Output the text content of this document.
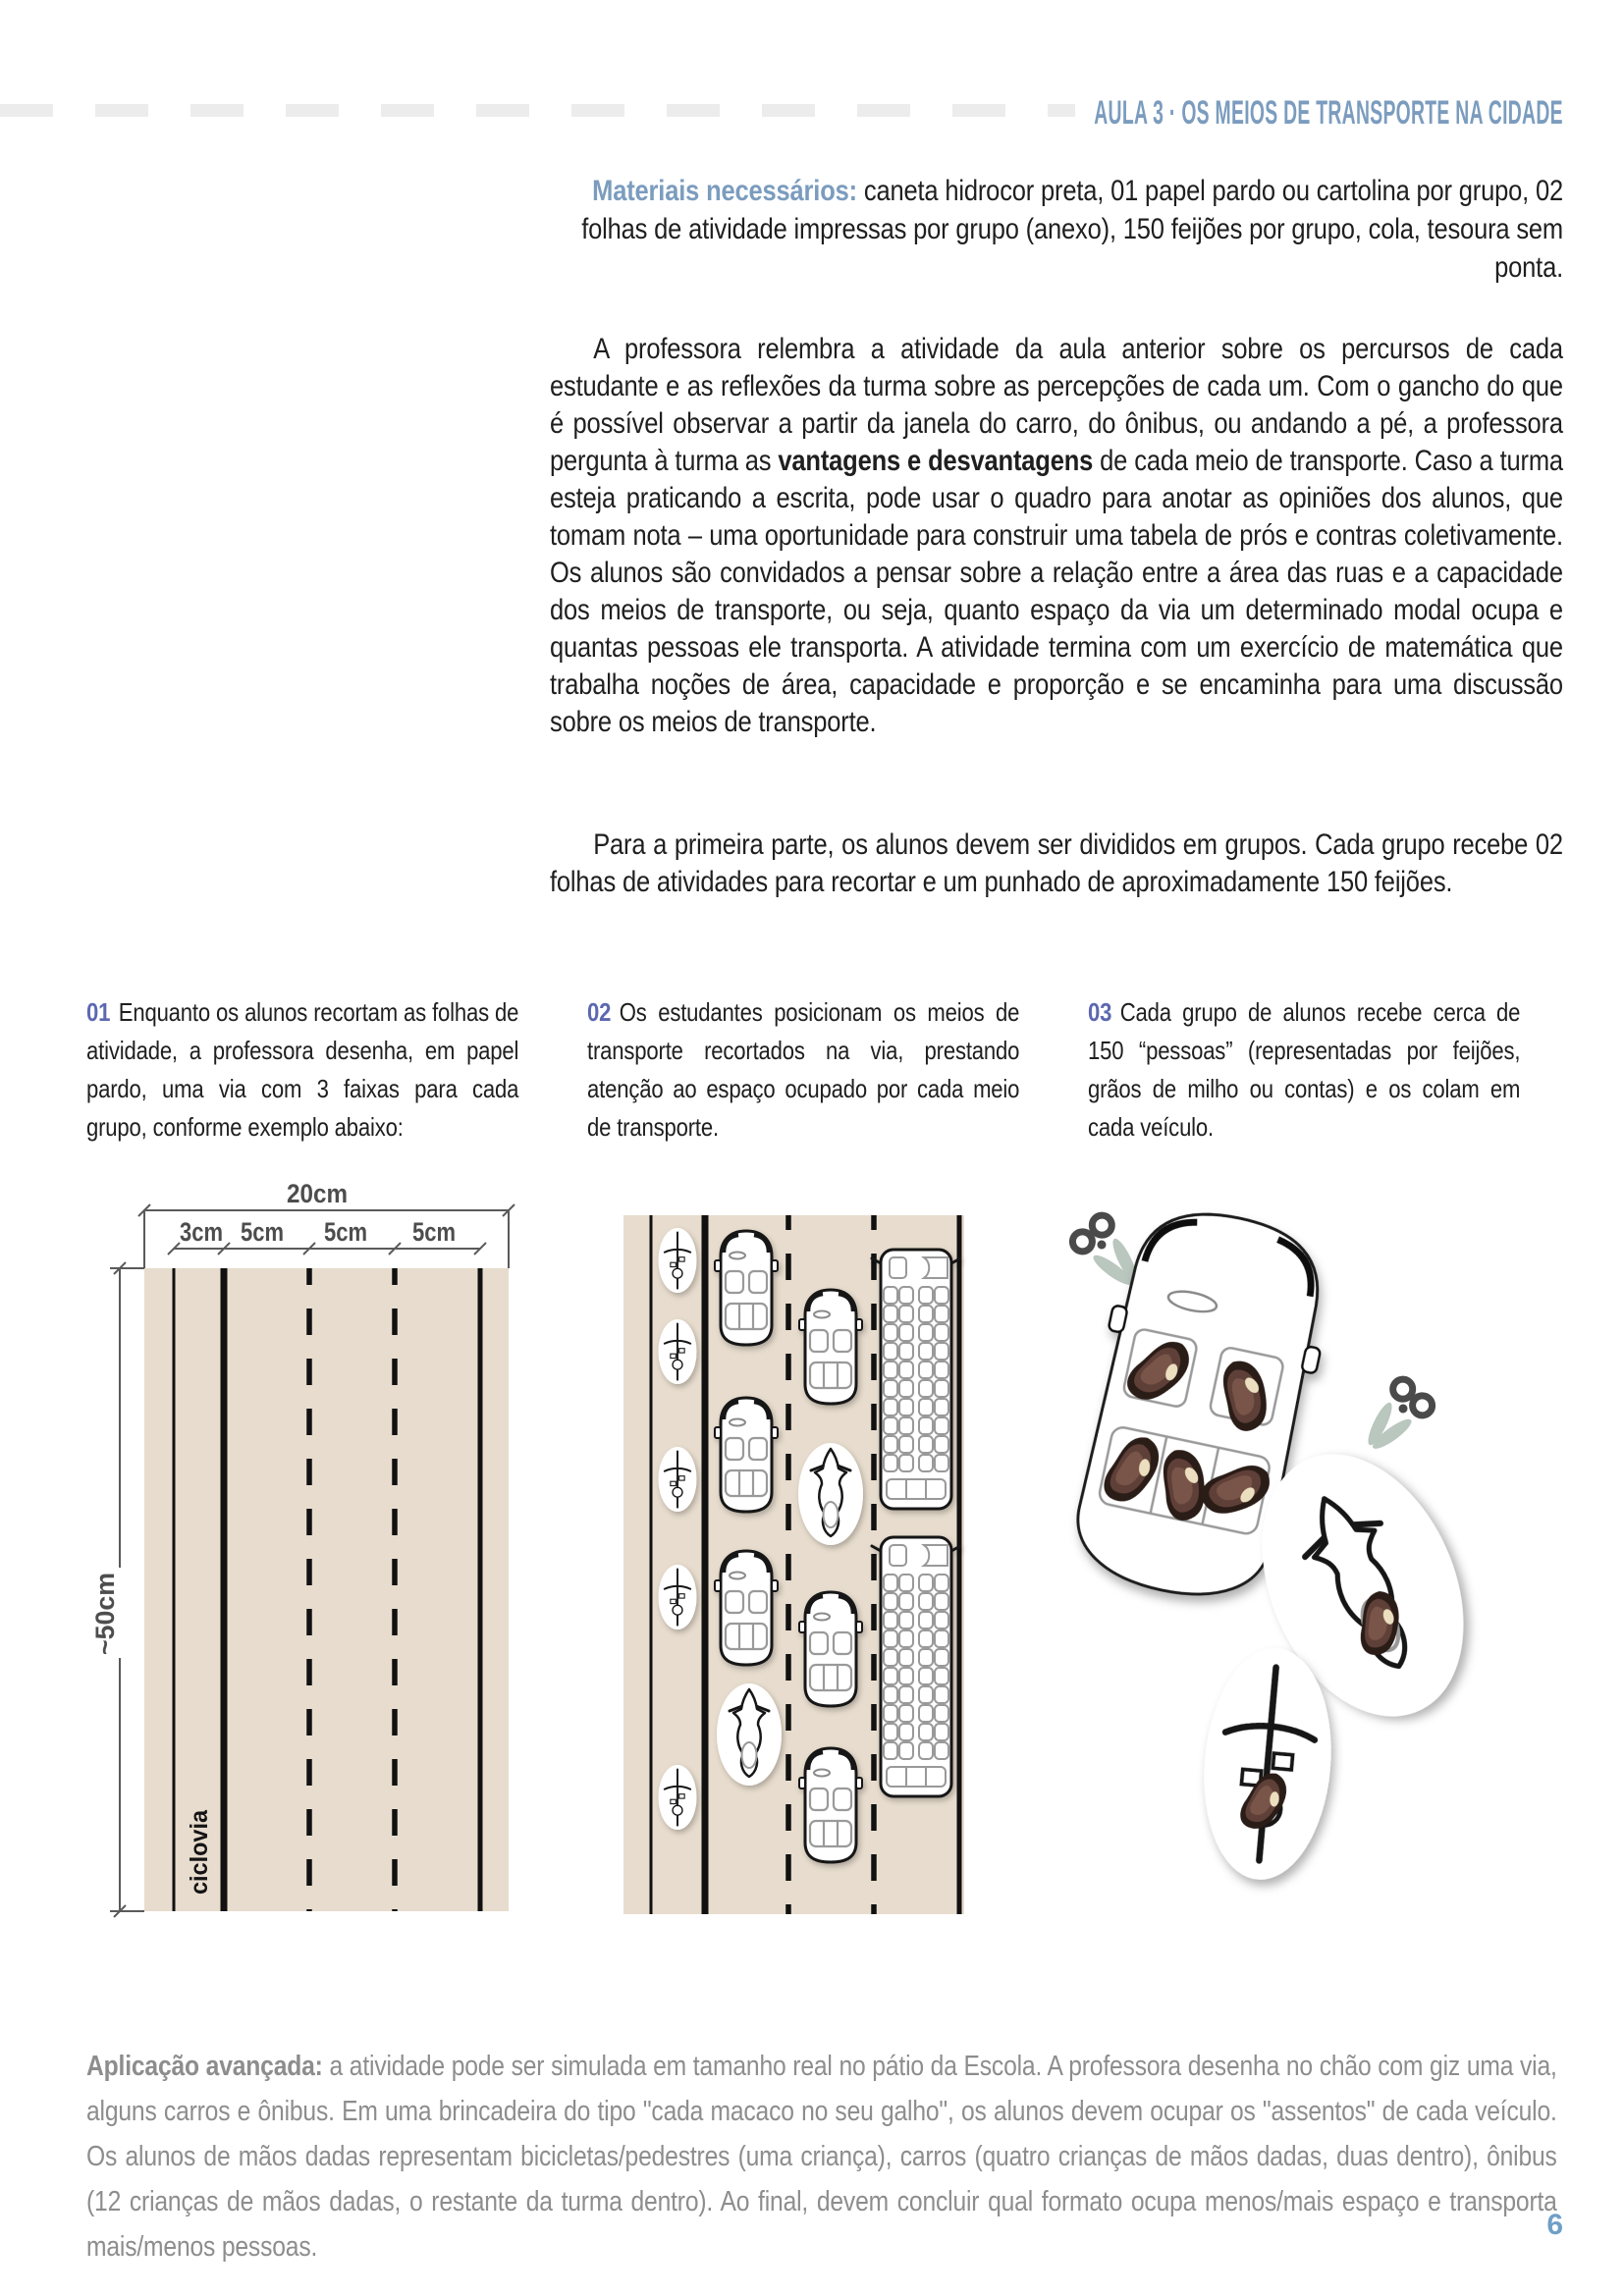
AULA 3 · OS MEIOS DE TRANSPORTE NA CIDADE
Materiais necessários: caneta hidrocor preta, 01 papel pardo ou cartolina por grupo, 02 folhas de atividade impressas por grupo (anexo), 150 feijões por grupo, cola, tesoura sem ponta.

A professora relembra a atividade da aula anterior sobre os percursos de cada estudante e as reflexões da turma sobre as percepções de cada um. Com o gancho do que é possível observar a partir da janela do carro, do ônibus, ou andando a pé, a professora pergunta à turma as vantagens e desvantagens de cada meio de transporte. Caso a turma esteja praticando a escrita, pode usar o quadro para anotar as opiniões dos alunos, que tomam nota – uma oportunidade para construir uma tabela de prós e contras coletivamente. Os alunos são convidados a pensar sobre a relação entre a área das ruas e a capacidade dos meios de transporte, ou seja, quanto espaço da via um determinado modal ocupa e quantas pessoas ele transporta. A atividade termina com um exercício de matemática que trabalha noções de área, capacidade e proporção e se encaminha para uma discussão sobre os meios de transporte.

Para a primeira parte, os alunos devem ser divididos em grupos. Cada grupo recebe 02 folhas de atividades para recortar e um punhado de aproximadamente 150 feijões.

01 Enquanto os alunos recortam as folhas de atividade, a professora desenha, em papel pardo, uma via com 3 faixas para cada grupo, conforme exemplo abaixo:
02 Os estudantes posicionam os meios de transporte recortados na via, prestando atenção ao espaço ocupado por cada meio de transporte.
03 Cada grupo de alunos recebe cerca de 150 “pessoas” (representadas por feijões, grãos de milho ou contas) e os colam em cada veículo.
20cm
3cm 5cm 5cm 5cm
~50cm
ciclovia
Aplicação avançada: a atividade pode ser simulada em tamanho real no pátio da Escola. A professora desenha no chão com giz uma via, alguns carros e ônibus. Em uma brincadeira do tipo "cada macaco no seu galho", os alunos devem ocupar os "assentos" de cada veículo. Os alunos de mãos dadas representam bicicletas/pedestres (uma criança), carros (quatro crianças de mãos dadas, duas dentro), ônibus (12 crianças de mãos dadas, o restante da turma dentro). Ao final, devem concluir qual formato ocupa menos/mais espaço e transporta mais/menos pessoas.
6
